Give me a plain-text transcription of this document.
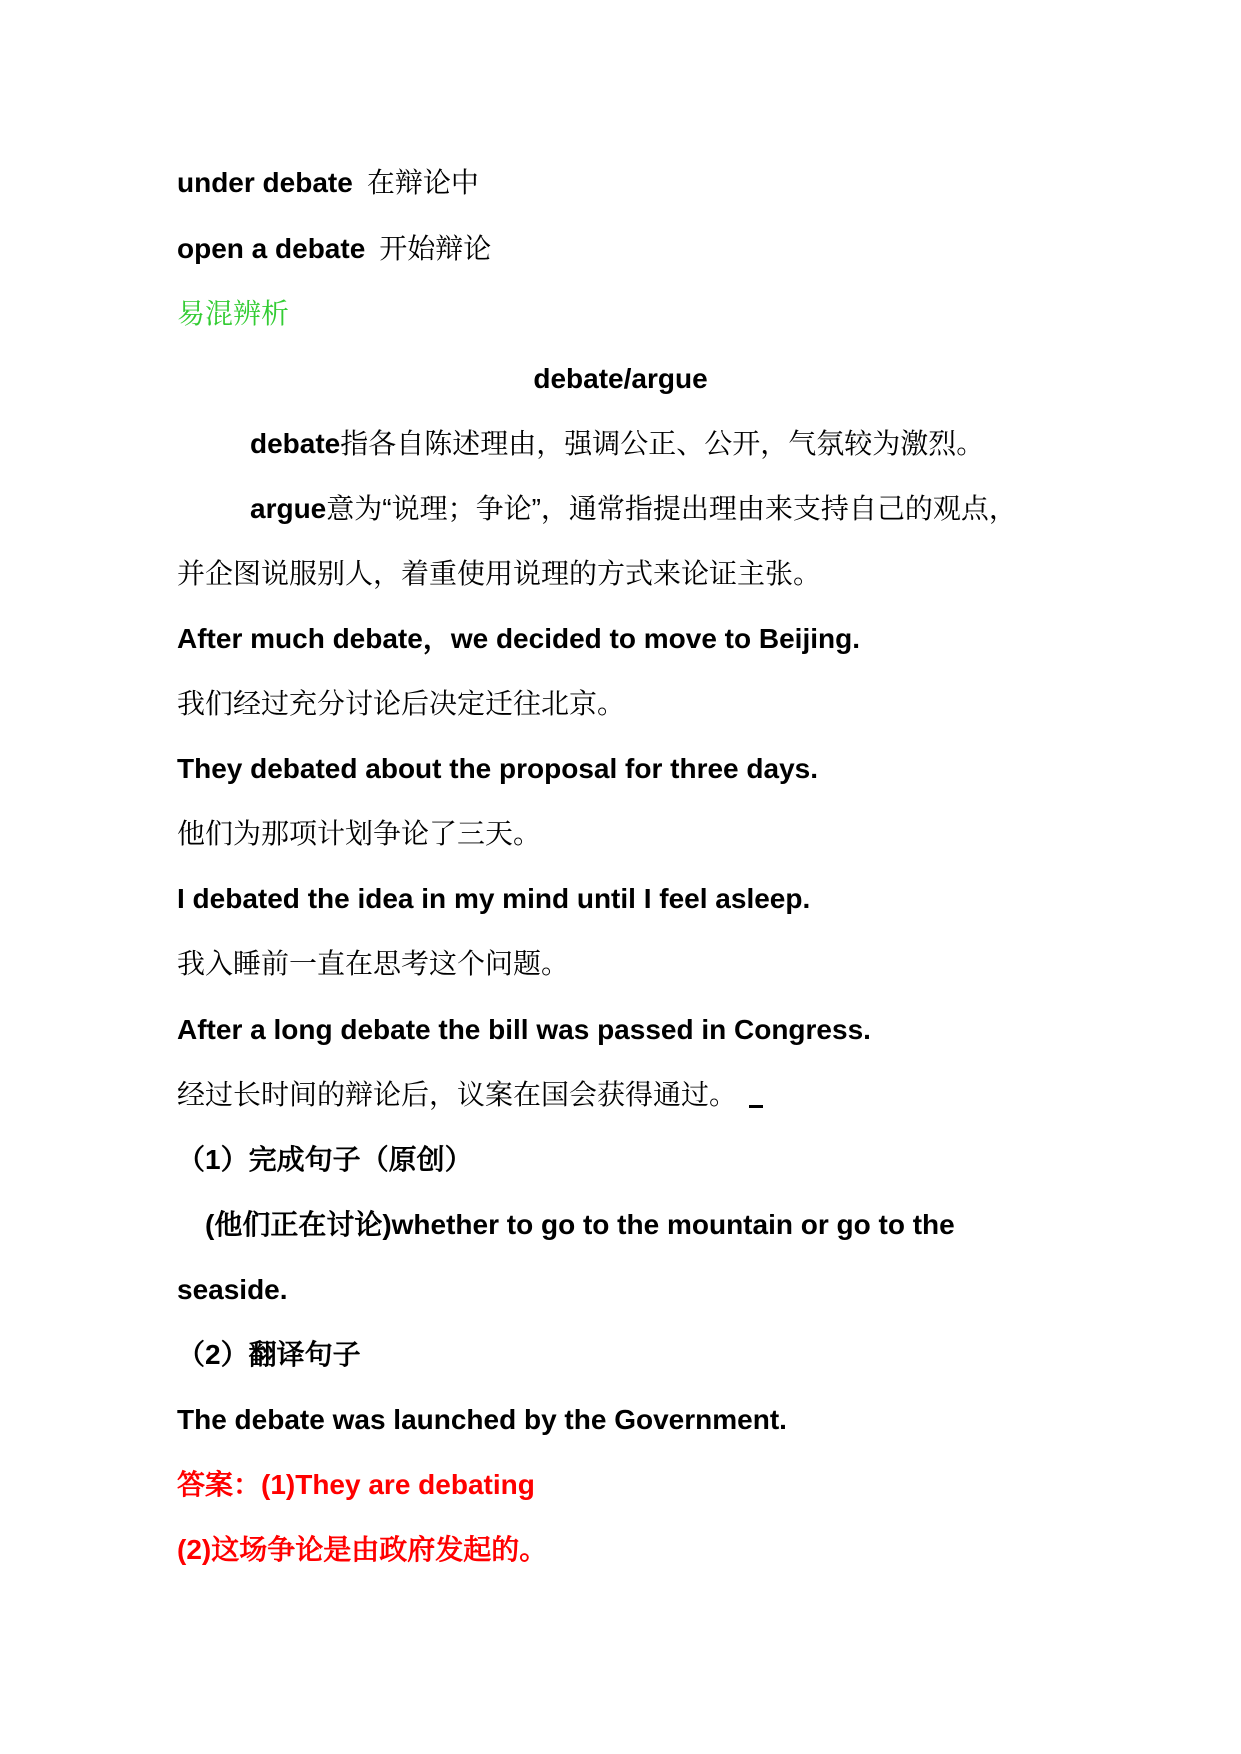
under debate 在辩论中
open a debate 开始辩论
易混辨析
debate/argue
debate指各自陈述理由，强调公正、公开，气氛较为激烈。
argue意为“说理；争论”，通常指提出理由来支持自己的观点，
并企图说服别人，着重使用说理的方式来论证主张。
After much debate，we decided to move to Beijing.
我们经过充分讨论后决定迁往北京。
They debated about the proposal for three days.
他们为那项计划争论了三天。
I debated the idea in my mind until I feel asleep.
我入睡前一直在思考这个问题。
After a long debate the bill was passed in Congress.
经过长时间的辩论后，议案在国会获得通过。
（1）完成句子（原创）
(他们正在讨论)whether to go to the mountain or go to the
seaside.
（2）翻译句子
The debate was launched by the Government.
答案：(1)They are debating
(2)这场争论是由政府发起的。
